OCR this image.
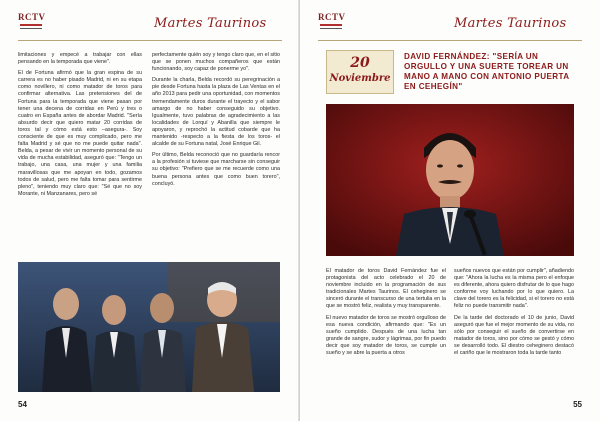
RCTV	Martes Taurinos

limitaciones y empecé a trabajar con ellas pensando en la temporada que viene".

El de Fortuna afirmó que la gran espina de su carrera es no haber pisado Madrid, ni en su etapa como novillero, ni como matador de toros para confirmar alternativa. Las pretensiones del de Fortuna para la temporada que viene pasan por tener una decena de corridas en Perú y tres o cuatro en España antes de abordar Madrid. "Sería absurdo decir que quiero matar 20 corridas de toros tal y cómo está esto –asegura-. Soy consciente de que es muy complicado, pero me falta Madrid y sé que no me puede quitar nada". Belda, a pesar de vivir un momento personal de su vida de mucha estabilidad, aseguró que: "Tengo un trabajo, una casa, una mujer y una familia maravillosas que me apoyan en todo, gozamos todos de salud, pero me falta tomar para sentirme pleno", teniendo muy claro que: "Sé que no soy Morante, ni Manzanares, pero sé

perfectamente quién soy y tengo claro que, en el sitio que se ponen muchos compañeros que están funcionando, soy capaz de ponerme yo".

Durante la charla, Belda recordó su peregrinación a pie desde Fortuna hasta la plaza de Las Ventas en el año 2013 para pedir una oportunidad, con momentos tremendamente duros durante el trayecto y el sabor amargo de no haber conseguido su objetivo. Igualmente, tuvo palabras de agradecimiento a las localidades de Lorquí y Abanilla que siempre le apoyaron, y reprochó la actitud cobarde que ha mantenido -respecto a la fiesta de los toros- el alcalde de su Fortuna natal, José Enrique Gil.

Por último, Belda reconoció que no guardaría rencor a la profesión si tuviese que marcharse sin conseguir su objetivo: "Prefiero que se me recuerde como una buena persona antes que como buen torero", concluyó.

54
RCTV	Martes Taurinos
20
Noviembre
DAVID FERNÁNDEZ: "SERÍA UN ORGULLO Y UNA SUERTE TOREAR UN MANO A MANO CON ANTONIO PUERTA EN CEHEGÍN"

El matador de toros David Fernández fue el protagonista del acto celebrado el 20 de noviembre incluido en la programación de sus tradicionales Martes Taurinos. El ceheginero se sinceró durante el transcurso de una tertulia en la que se mostró feliz, realista y muy transparente.

El nuevo matador de toros se mostró orgulloso de esa nueva condición, afirmando que: "Es un sueño cumplido. Después de una lucha tan grande de sangre, sudor y lágrimas, por fin puedo decir que soy matador de toros, se cumple un sueño y se abre la puerta a otros

sueños nuevos que están por cumplir", añadiendo que: "Ahora la lucha es la misma pero el enfoque es diferente, ahora quiero disfrutar de lo que hago conforme voy luchando por lo que quiero. La clave del torero es la felicidad, si el torero no está feliz no puede transmitir nada".

De la tarde del doctorado el 10 de junio, David aseguró que fue el mejor momento de su vida, no sólo por conseguir el sueño de convertirse en matador de toros, sino por cómo se gestó y cómo se desarrolló todo. El diestro ceheginero destacó el cariño que le mostraron toda la tarde tanto

55
